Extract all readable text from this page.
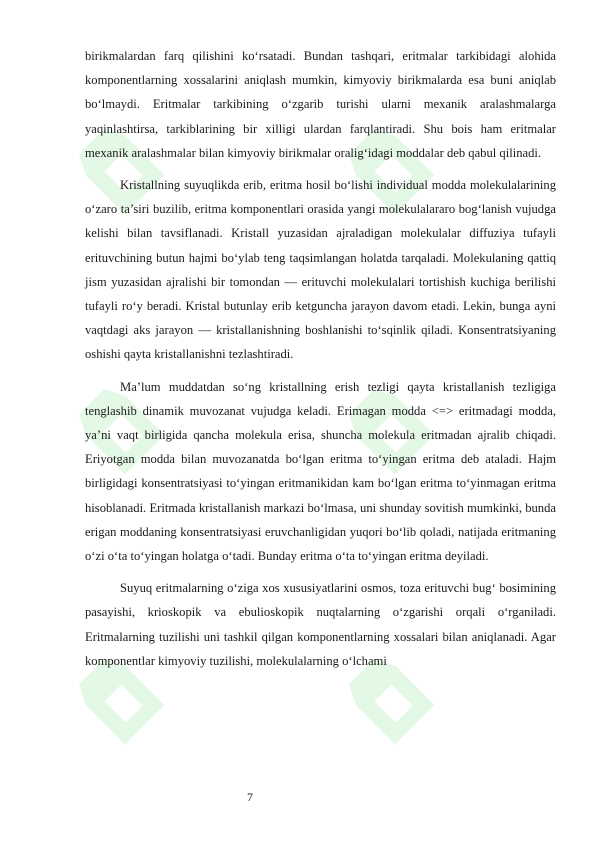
birikmalardan farq qilishini ko‘rsatadi. Bundan tashqari, eritmalar tarkibidagi alohida komponentlarning xossalarini aniqlash mumkin, kimyoviy birikmalarda esa buni aniqlab bo‘lmaydi. Eritmalar tarkibining o‘zgarib turishi ularni mexanik aralashmalarga yaqinlashtirsa, tarkiblarining bir xilligi ulardan farqlantiradi. Shu bois ham eritmalar mexanik aralashmalar bilan kimyoviy birikmalar oralig‘idagi moddalar deb qabul qilinadi.

Kristallning suyuqlikda erib, eritma hosil bo‘lishi individual modda molekulalarining o‘zaro ta’siri buzilib, eritma komponentlari orasida yangi molekulalararo bog‘lanish vujudga kelishi bilan tavsiflanadi. Kristall yuzasidan ajraladigan molekulalar diffuziya tufayli erituvchining butun hajmi bo‘ylab teng taqsimlangan holatda tarqaladi. Molekulaning qattiq jism yuzasidan ajralishi bir tomondan — erituvchi molekulalari tortishish kuchiga berilishi tufayli ro‘y beradi. Kristal butunlay erib ketguncha jarayon davom etadi. Lekin, bunga ayni vaqtdagi aks jarayon — kristallanishning boshlanishi to‘sqinlik qiladi. Konsentratsiyaning oshishi qayta kristallanishni tezlashtiradi.

Ma’lum muddatdan so‘ng kristallning erish tezligi qayta kristallanish tezligiga tenglashib dinamik muvozanat vujudga keladi. Erimagan modda <=> eritmadagi modda, ya’ni vaqt birligida qancha molekula erisa, shuncha molekula eritmadan ajralib chiqadi. Eriyotgan modda bilan muvozanatda bo‘lgan eritma to‘yingan eritma deb ataladi. Hajm birligidagi konsentratsiyasi to‘yingan eritmanikidan kam bo‘lgan eritma to‘yinmagan eritma hisoblanadi. Eritmada kristallanish markazi bo‘lmasa, uni shunday sovitish mumkinki, bunda erigan moddaning konsentratsiyasi eruvchanligidan yuqori bo‘lib qoladi, natijada eritmaning o‘zi o‘ta to‘yingan holatga o‘tadi. Bunday eritma o‘ta to‘yingan eritma deyiladi.

Suyuq eritmalarning o‘ziga xos xususiyatlarini osmos, toza erituvchi bug‘ bosimining pasayishi, krioskopik va ebulioskopik nuqtalarning o‘zgarishi orqali o‘rganiladi. Eritmalarning tuzilishi uni tashkil qilgan komponentlarning xossalari bilan aniqlanadi. Agar komponentlar kimyoviy tuzilishi, molekulalarning o‘lchami

7
